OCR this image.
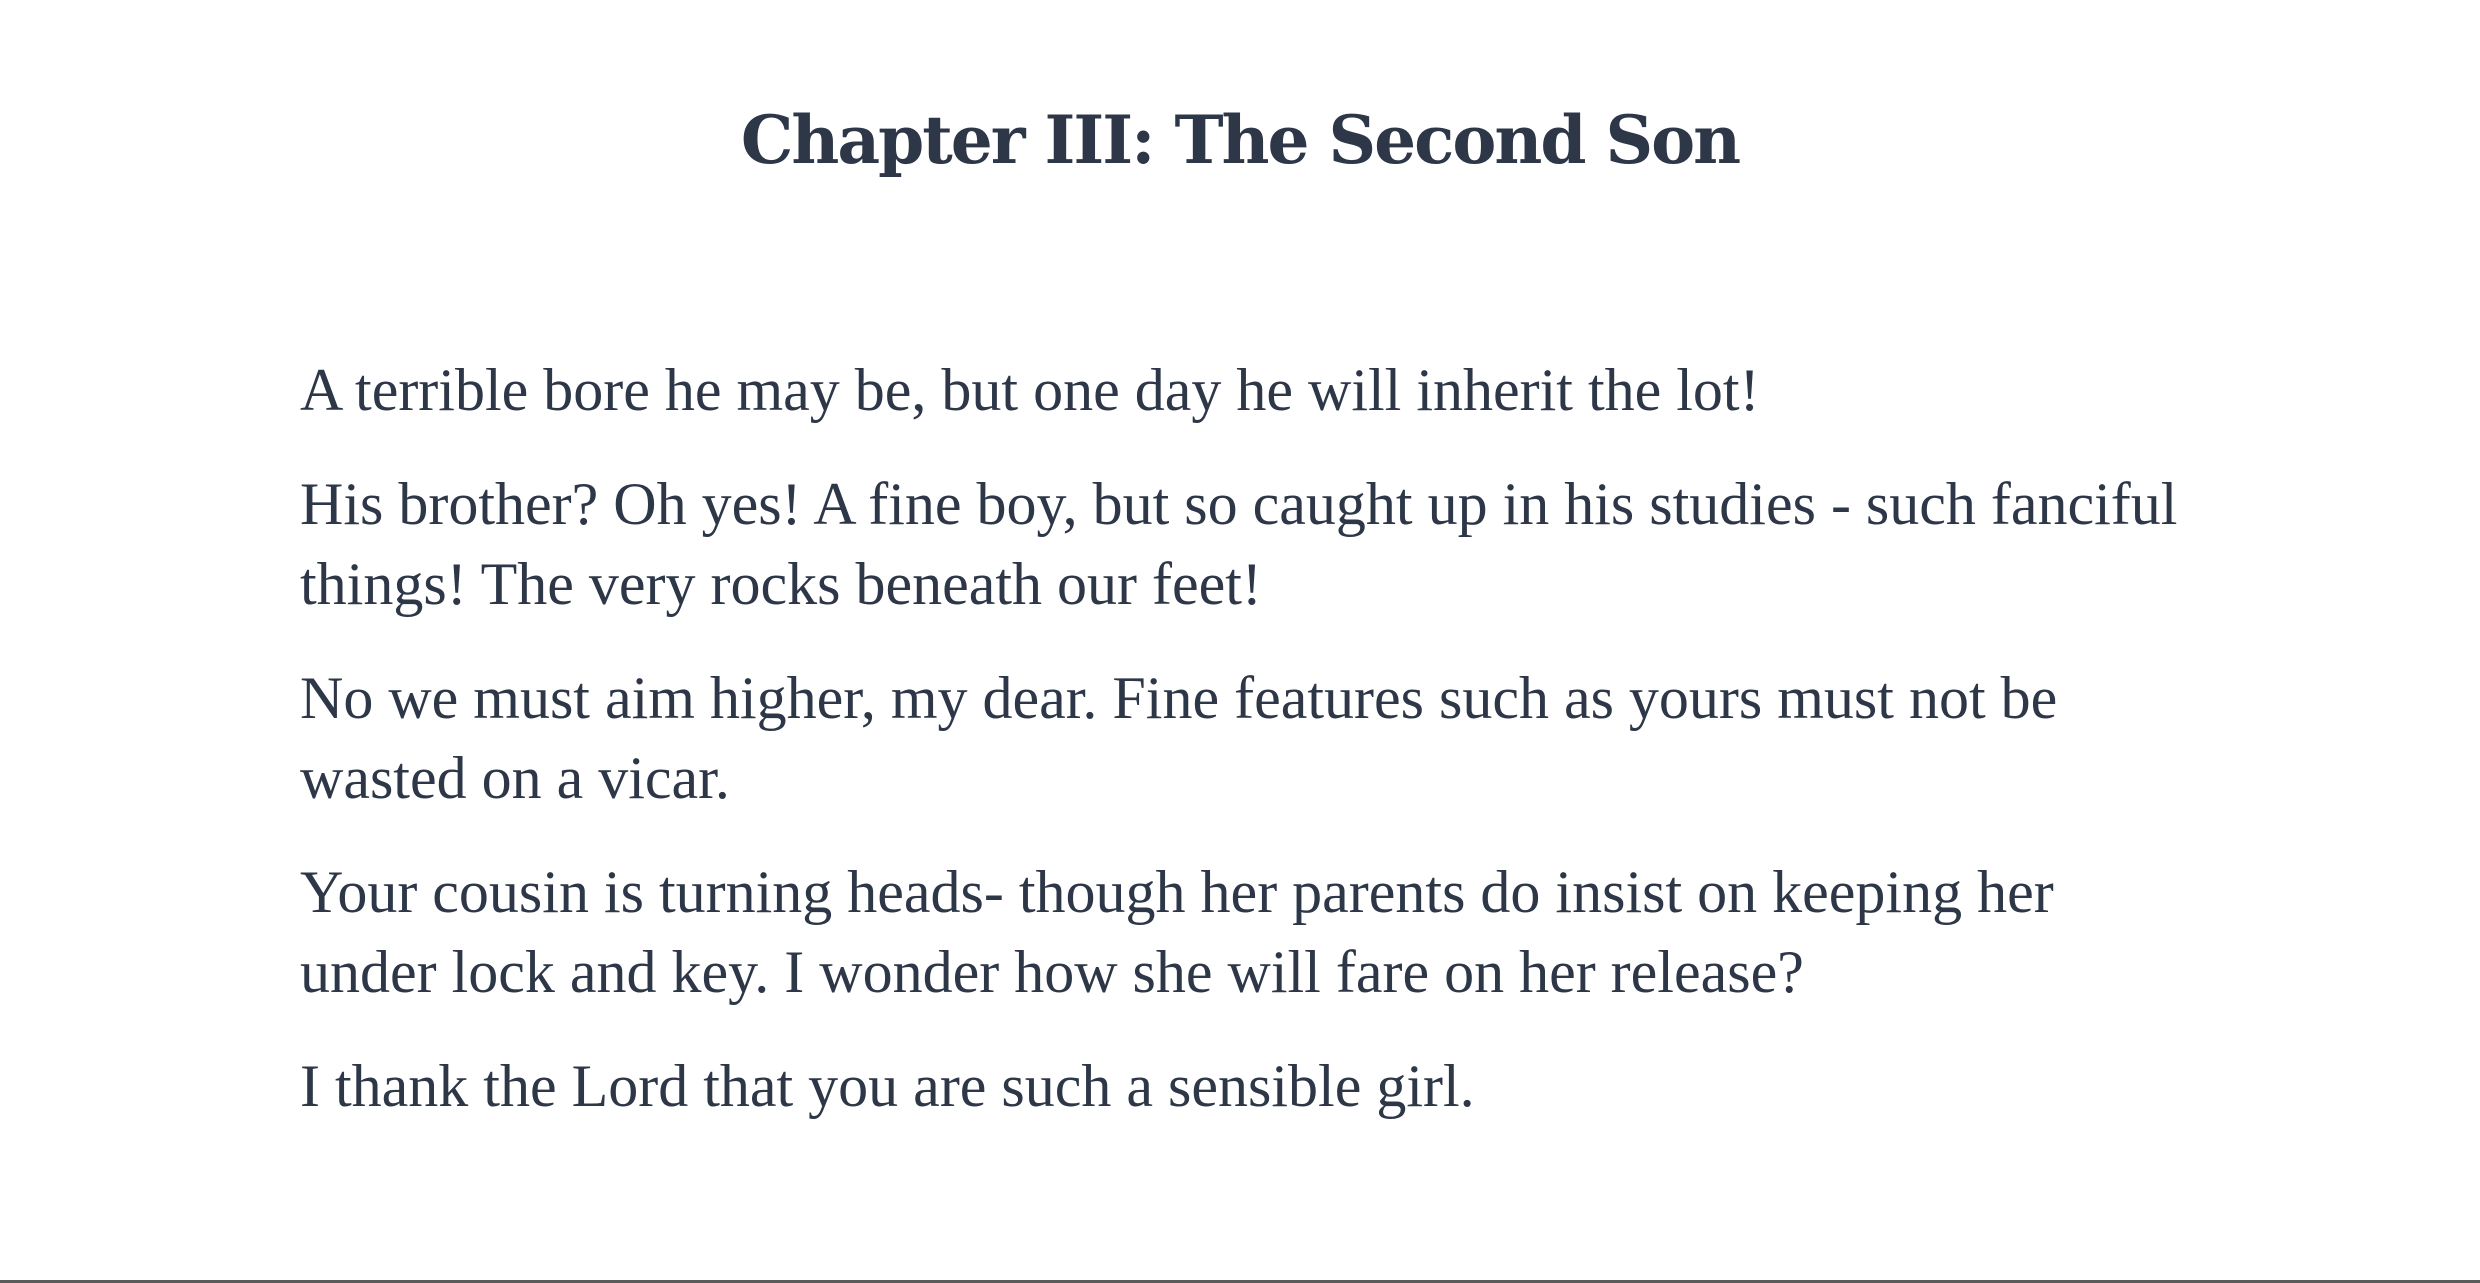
Chapter III: The Second Son

A terrible bore he may be, but one day he will inherit the lot!

His brother? Oh yes! A fine boy, but so caught up in his studies - such fanciful things! The very rocks beneath our feet!

No we must aim higher, my dear. Fine features such as yours must not be wasted on a vicar.

Your cousin is turning heads- though her parents do insist on keeping her under lock and key. I wonder how she will fare on her release?

I thank the Lord that you are such a sensible girl.
